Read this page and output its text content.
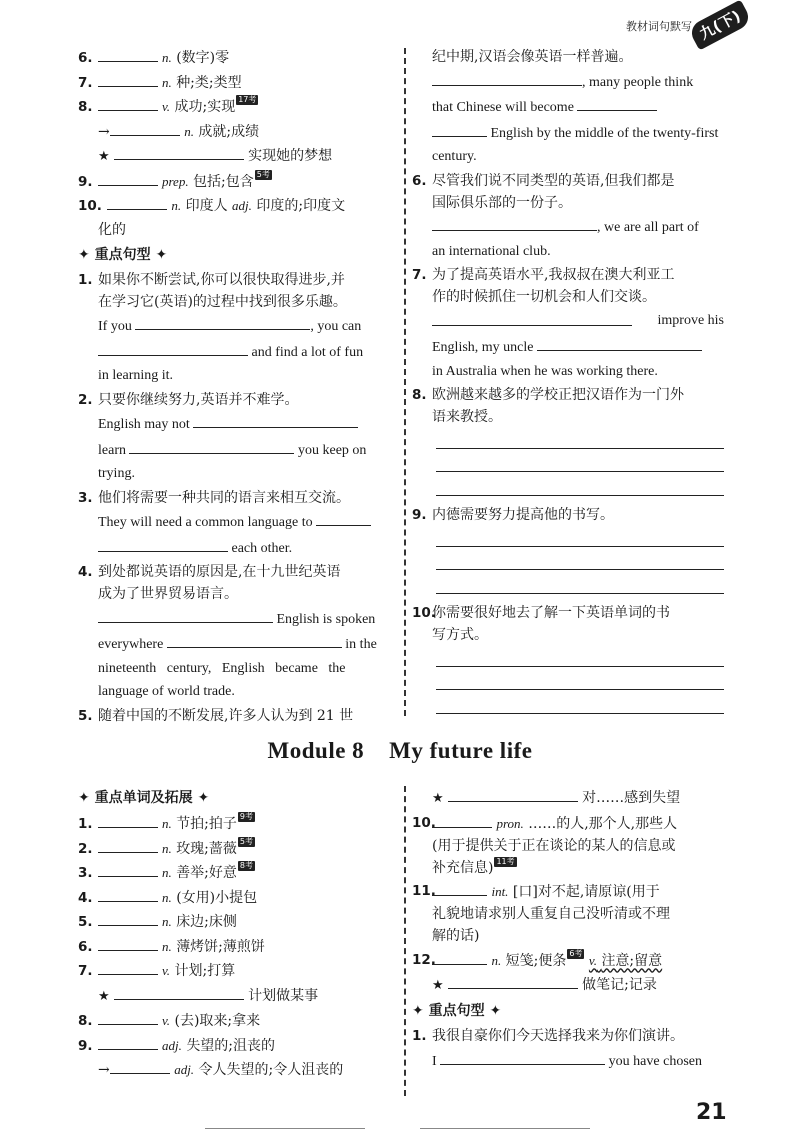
教材词句默写 九(下)
6.	n. (数字)零
7.	n. 种;类;类型
8.	v. 成功;实现 17考
→	n. 成就;成绩
★	实现她的梦想
9.	prep. 包括;包含 5考
10.	n. 印度人 adj. 印度的;印度文
化的
✦ 重点句型 ✦
1. 如果你不断尝试,你可以很快取得进步,并
在学习它(英语)的过程中找到很多乐趣。
If you	, you can
and find a lot of fun
in learning it.
2. 只要你继续努力,英语并不难学。
English may not
learn	you keep on
trying.
3. 他们将需要一种共同的语言来相互交流。
They will need a common language to
each other.
4. 到处都说英语的原因是,在十九世纪英语
成为了世界贸易语言。
English is spoken
everywhere	in the
nineteenth   century,   English   became   the
language of world trade.
5. 随着中国的不断发展,许多人认为到 21 世
纪中期,汉语会像英语一样普遍。
, many people think
that Chinese will become
English by the middle of the twenty-first
century.
6. 尽管我们说不同类型的英语,但我们都是
国际俱乐部的一份子。
, we are all part of
an international club.
7. 为了提高英语水平,我叔叔在澳大利亚工
作的时候抓住一切机会和人们交谈。
improve his
English, my uncle
in Australia when he was working there.
8. 欧洲越来越多的学校正把汉语作为一门外
语来教授。
9. 内德需要努力提高他的书写。
10.
你需要很好地去了解一下英语单词的书
写方式。
Module 8    My future life
✦ 重点单词及拓展 ✦
1.	n. 节拍;拍子 9考
2.	n. 玫瑰;蔷薇 5考
3.	n. 善举;好意 8考
4.	n. (女用)小提包
5.	n. 床边;床侧
6.	n. 薄烤饼;薄煎饼
7.	v. 计划;打算
★	计划做某事
8.	v. (去)取来;拿来
9.	adj. 失望的;沮丧的
→	adj. 令人失望的;令人沮丧的
★	对……感到失望
10.	pron. ……的人,那个人,那些人
(用于提供关于正在谈论的某人的信息或
补充信息) 11考
11.	int. [口]对不起,请原谅(用于
礼貌地请求别人重复自己没听清或不理
解的话)
12.	n. 短笺;便条 6考 v. 注意;留意
★	做笔记;记录
✦ 重点句型 ✦
1. 我很自豪你们今天选择我来为你们演讲。
I	you have chosen
21
